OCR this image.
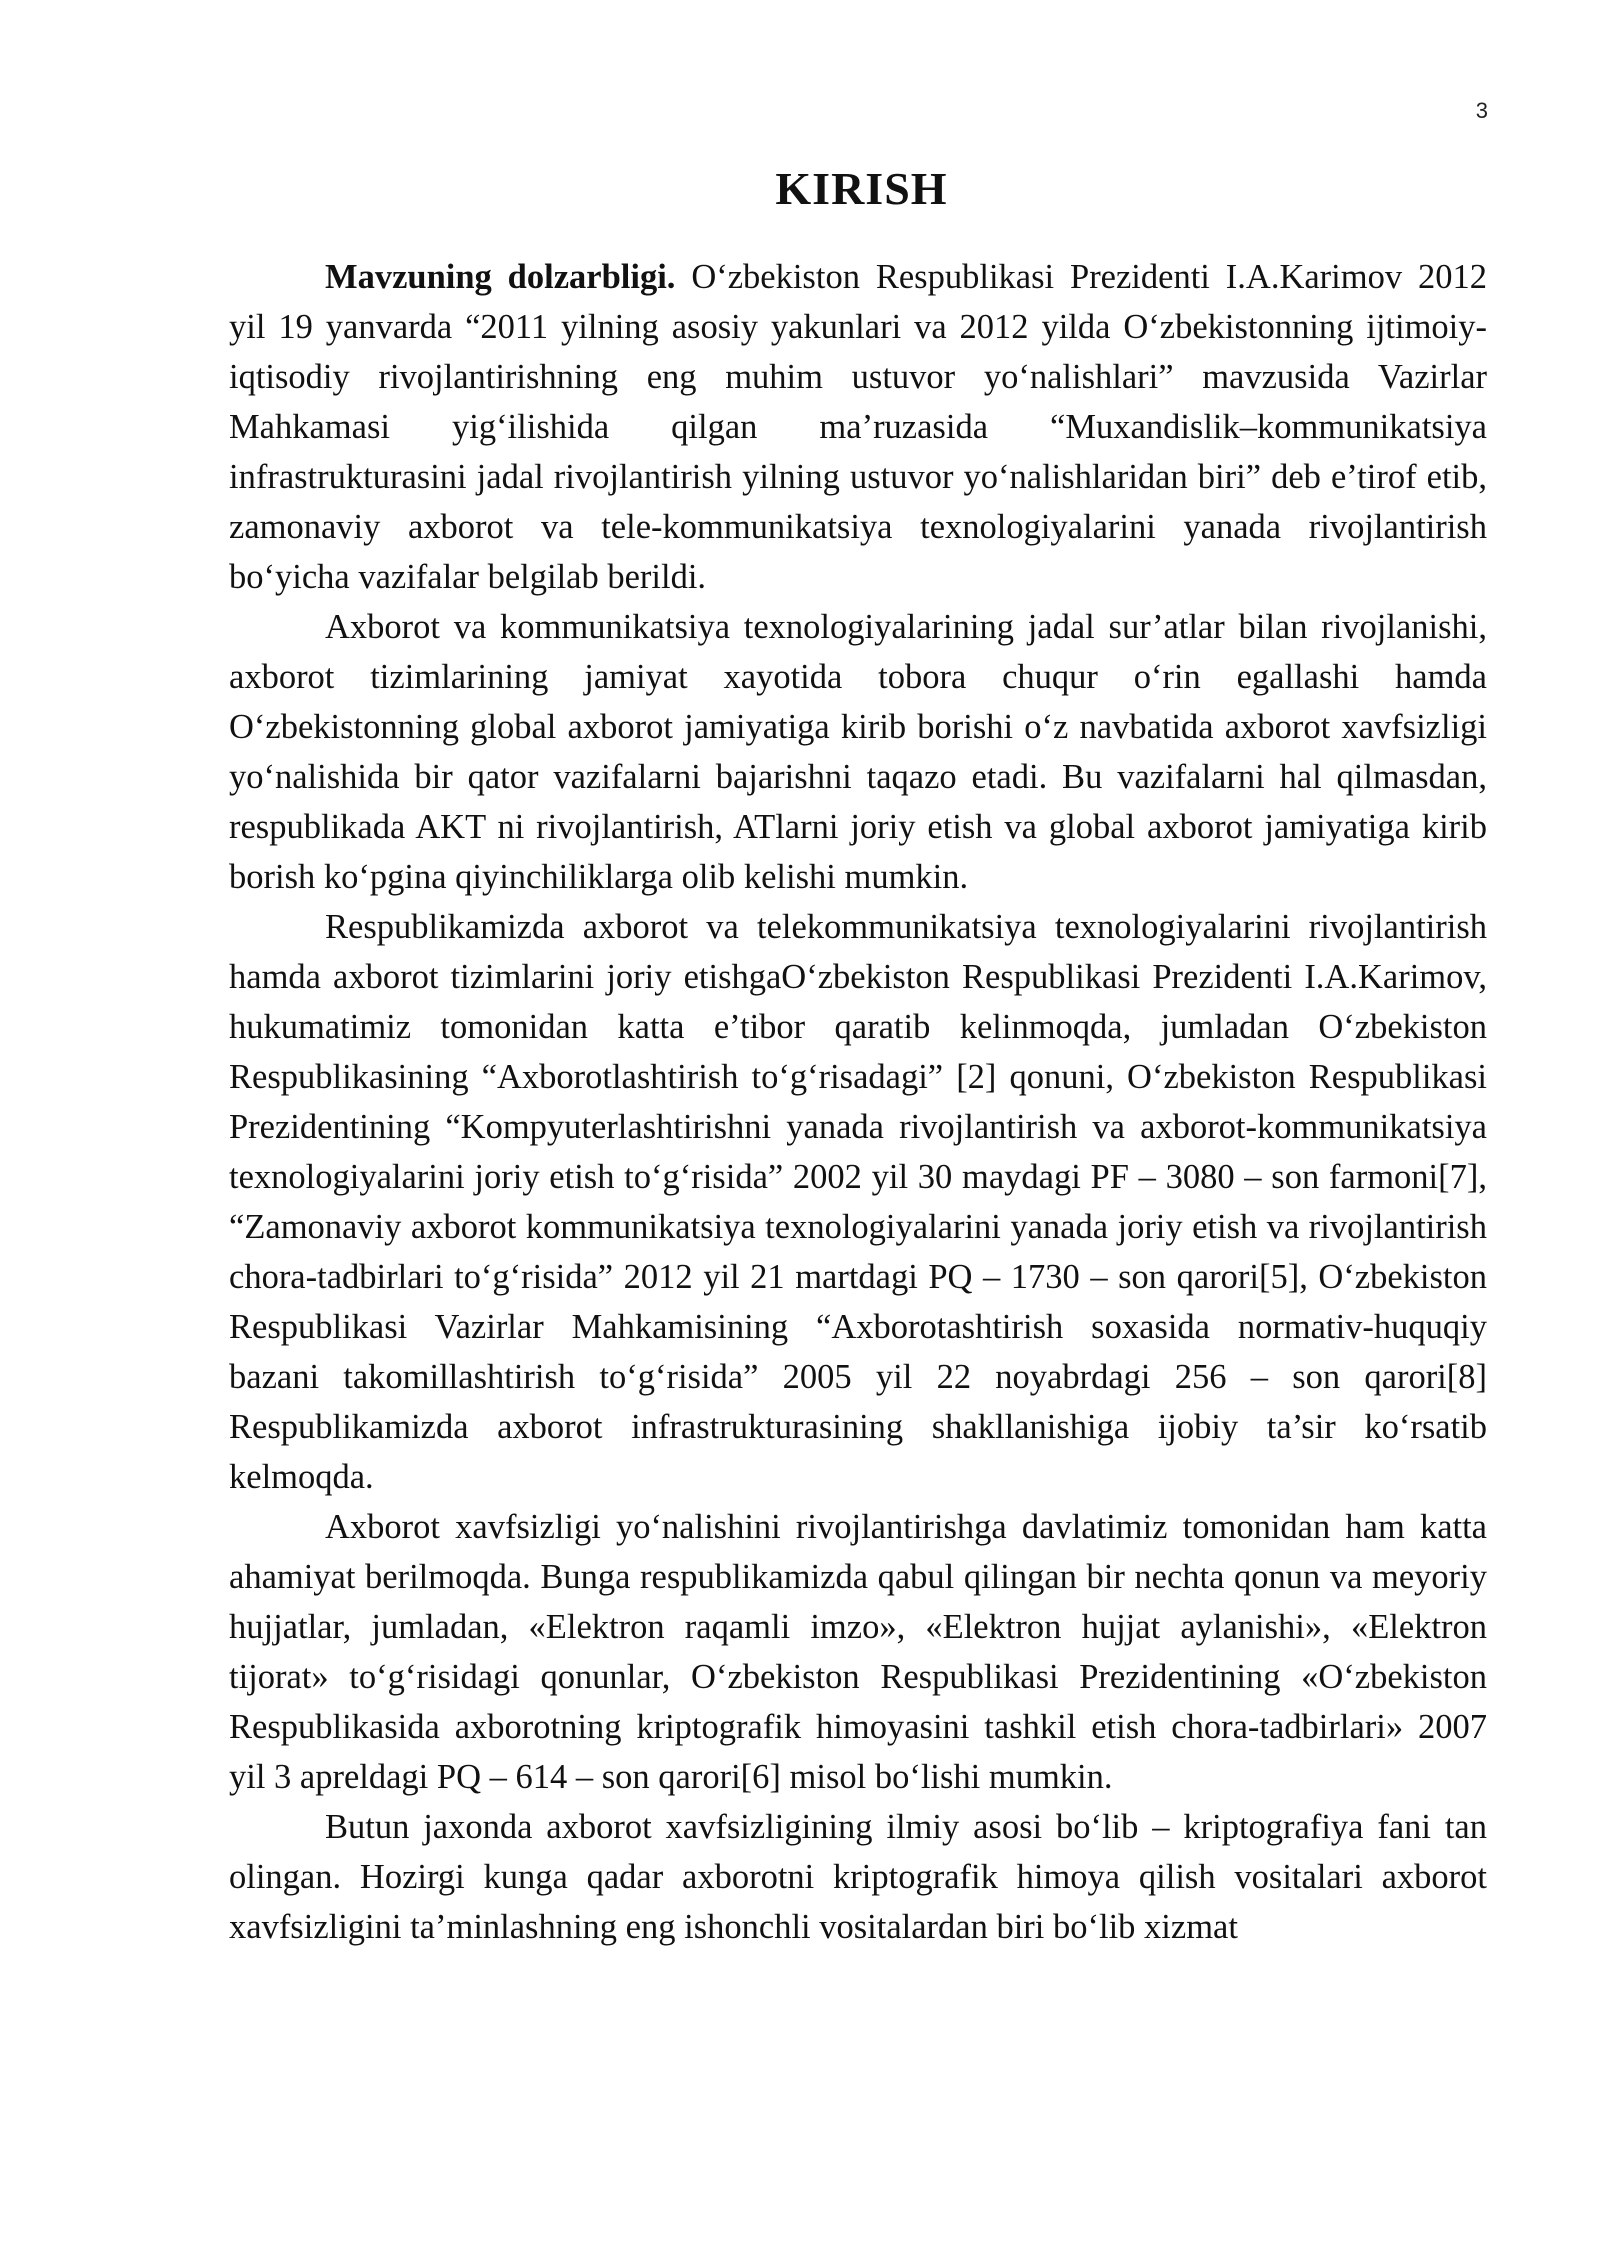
3
KIRISH

Mavzuning dolzarbligi. O‘zbekiston Respublikasi Prezidenti I.A.Karimov 2012 yil 19 yanvarda “2011 yilning asosiy yakunlari va 2012 yilda O‘zbekistonning ijtimoiy-iqtisodiy rivojlantirishning eng muhim ustuvor yo‘nalishlari” mavzusida Vazirlar Mahkamasi yig‘ilishida qilgan ma’ruzasida “Muxandislik–kommunikatsiya infrastrukturasini jadal rivojlantirish yilning ustuvor yo‘nalishlaridan biri” deb e’tirof etib, zamonaviy axborot va tele-kommunikatsiya texnologiyalarini yanada rivojlantirish bo‘yicha vazifalar belgilab berildi.

Axborot va kommunikatsiya texnologiyalarining jadal sur’atlar bilan rivojlanishi, axborot tizimlarining jamiyat xayotida tobora chuqur o‘rin egallashi hamda O‘zbekistonning global axborot jamiyatiga kirib borishi o‘z navbatida axborot xavfsizligi yo‘nalishida bir qator vazifalarni bajarishni taqazo etadi. Bu vazifalarni hal qilmasdan, respublikada AKT ni rivojlantirish, ATlarni joriy etish va global axborot jamiyatiga kirib borish ko‘pgina qiyinchiliklarga olib kelishi mumkin.

Respublikamizda axborot va telekommunikatsiya texnologiyalarini rivojlantirish hamda axborot tizimlarini joriy etishgaO‘zbekiston Respublikasi Prezidenti I.A.Karimov, hukumatimiz tomonidan katta e’tibor qaratib kelinmoqda, jumladan O‘zbekiston Respublikasining “Axborotlashtirish to‘g‘risadagi” [2] qonuni, O‘zbekiston Respublikasi Prezidentining “Kompyuterlashtirishni yanada rivojlantirish va axborot-kommunikatsiya texnologiyalarini joriy etish to‘g‘risida” 2002 yil 30 maydagi PF – 3080 – son farmoni[7], “Zamonaviy axborot kommunikatsiya texnologiyalarini yanada joriy etish va rivojlantirish chora-tadbirlari to‘g‘risida” 2012 yil 21 martdagi PQ – 1730 – son qarori[5], O‘zbekiston Respublikasi Vazirlar Mahkamisining “Axborotashtirish soxasida normativ-huquqiy bazani takomillashtirish to‘g‘risida” 2005 yil 22 noyabrdagi 256 – son qarori[8] Respublikamizda axborot infrastrukturasining shakllanishiga ijobiy ta’sir ko‘rsatib kelmoqda.

Axborot xavfsizligi yo‘nalishini rivojlantirishga davlatimiz tomonidan ham katta ahamiyat berilmoqda. Bunga respublikamizda qabul qilingan bir nechta qonun va meyoriy hujjatlar, jumladan, «Elektron raqamli imzo», «Elektron hujjat aylanishi», «Elektron tijorat» to‘g‘risidagi qonunlar, O‘zbekiston Respublikasi Prezidentining «O‘zbekiston Respublikasida axborotning kriptografik himoyasini tashkil etish chora-tadbirlari» 2007 yil 3 apreldagi PQ – 614 – son qarori[6] misol bo‘lishi mumkin.

Butun jaxonda axborot xavfsizligining ilmiy asosi bo‘lib – kriptografiya fani tan olingan. Hozirgi kunga qadar axborotni kriptografik himoya qilish vositalari axborot xavfsizligini ta’minlashning eng ishonchli vositalardan biri bo‘lib xizmat
